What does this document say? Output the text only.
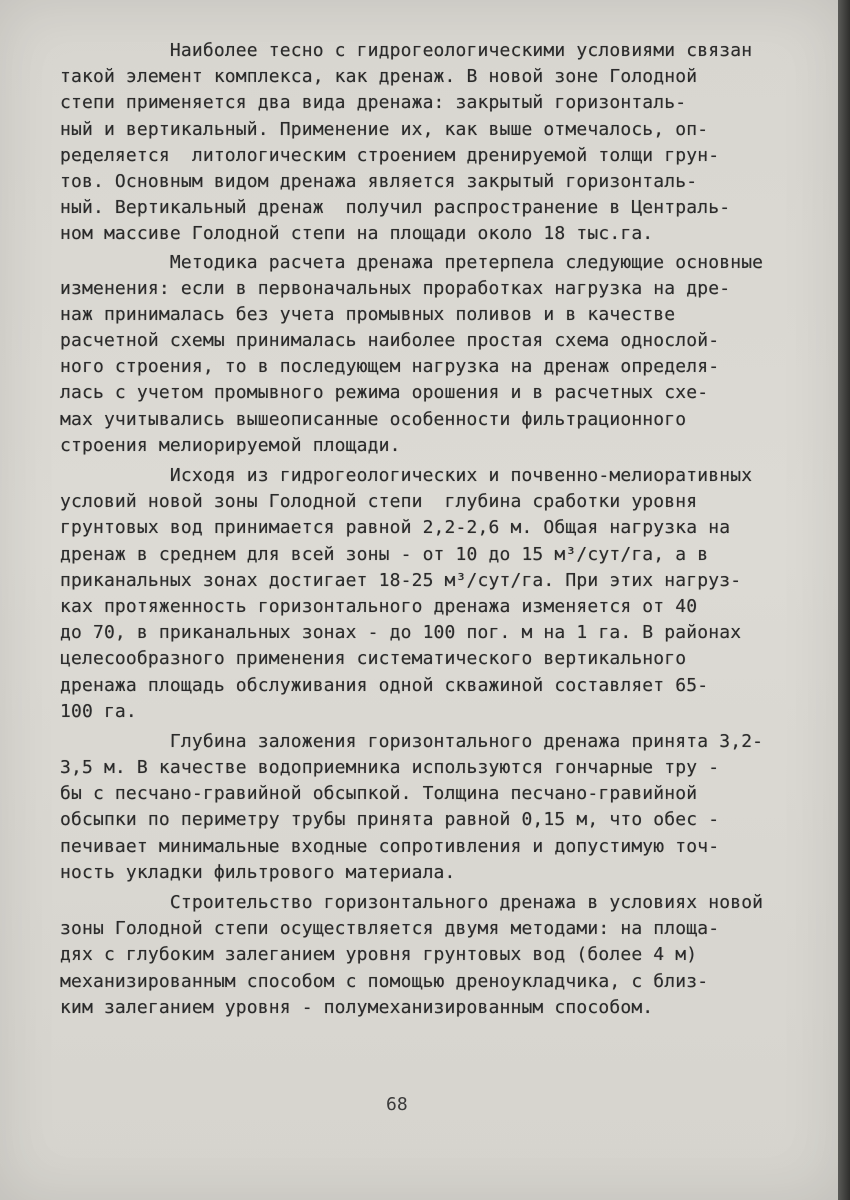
Наиболее тесно с гидрогеологическими условиями связан
такой элемент комплекса, как дренаж. В новой зоне Голодной
степи применяется два вида дренажа: закрытый горизонталь-
ный и вертикальный. Применение их, как выше отмечалось, оп-
ределяется  литологическим строением дренируемой толщи грун-
тов. Основным видом дренажа является закрытый горизонталь-
ный. Вертикальный дренаж  получил распространение в Централь-
ном массиве Голодной степи на площади около 18 тыс.га.
Методика расчета дренажа претерпела следующие основные
изменения: если в первоначальных проработках нагрузка на дре-
наж принималась без учета промывных поливов и в качестве
расчетной схемы принималась наиболее простая схема однослой-
ного строения, то в последующем нагрузка на дренаж определя-
лась с учетом промывного режима орошения и в расчетных схе-
мах учитывались вышеописанные особенности фильтрационного
строения мелиорируемой площади.
Исходя из гидрогеологических и почвенно-мелиоративных
условий новой зоны Голодной степи  глубина сработки уровня
грунтовых вод принимается равной 2,2-2,6 м. Общая нагрузка на
дренаж в среднем для всей зоны - от 10 до 15 м³/сут/га, а в
приканальных зонах достигает 18-25 м³/сут/га. При этих нагруз-
ках протяженность горизонтального дренажа изменяется от 40
до 70, в приканальных зонах - до 100 пог. м на 1 га. В районах
целесообразного применения систематического вертикального
дренажа площадь обслуживания одной скважиной составляет 65-
100 га.
Глубина заложения горизонтального дренажа принята 3,2-
3,5 м. В качестве водоприемника используются гончарные тру -
бы с песчано-гравийной обсыпкой. Толщина песчано-гравийной
обсыпки по периметру трубы принята равной 0,15 м, что обес -
печивает минимальные входные сопротивления и допустимую точ-
ность укладки фильтрового материала.
Строительство горизонтального дренажа в условиях новой
зоны Голодной степи осуществляется двумя методами: на площа-
дях с глубоким залеганием уровня грунтовых вод (более 4 м)
механизированным способом с помощью дреноукладчика, с близ-
ким залеганием уровня - полумеханизированным способом.
68
